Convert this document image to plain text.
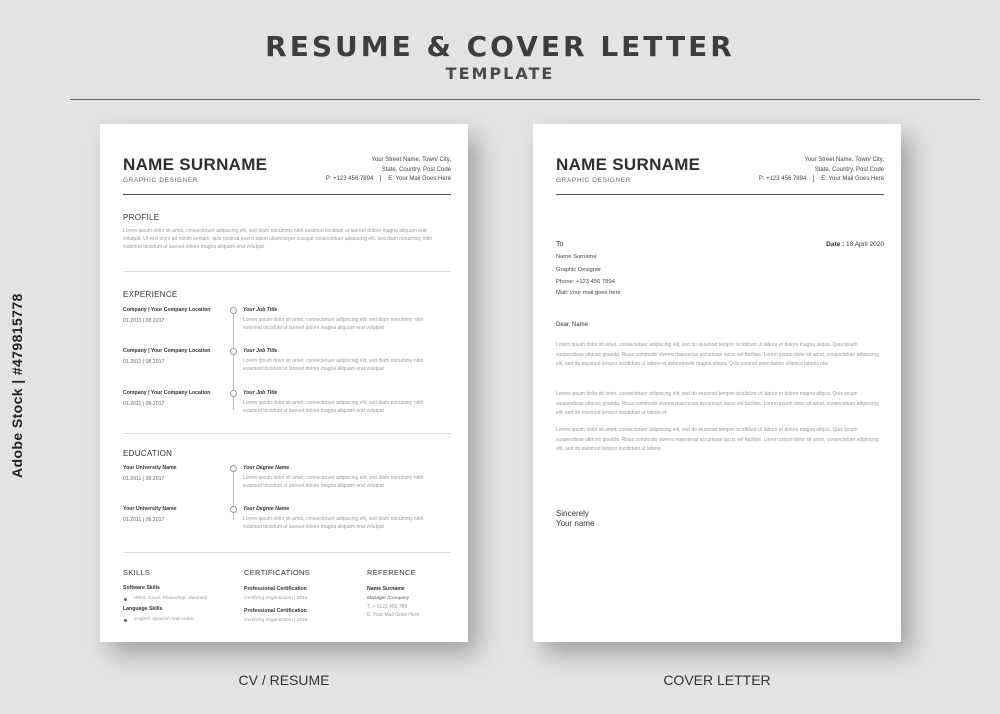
RESUME & COVER LETTER
TEMPLATE
Adobe Stock | #479815778
NAME SURNAME
GRAPHIC DESIGNER
Your Street Name, Town/ City,
State, Country, Post Code
P: +123 456 7894	E: Your Mail Goes Here
PROFILE
Lorem ipsum dolor sit amet, consectetuer adipiscing elit, sed diam nonummy nibh euismod tincidunt ut laoreet dolore magna aliquam erat volutpat. Ut wisi enim ad minim veniam, quis nostrud exerci tation ullamcorper suscipit consectetuer adipiscing elit, sed diam nonummy nibh euismod tincidunt ut laoreet dolore magna aliquam erat volutpat.
EXPERIENCE
Company | Your Company Location
01.2011 | 08.2017
Your Job Title
Lorem ipsum dolor sit amet, consectetuer adipiscing elit, sed diam nonummy nibh euismod tincidunt ut laoreet dolore magna aliquam erat volutpat
Company | Your Company Location
01.2011 | 08.2017
Your Job Title
Lorem ipsum dolor sit amet, consectetuer adipiscing elit, sed diam nonummy nibh euismod tincidunt ut laoreet dolore magna aliquam erat volutpat
Company | Your Company Location
01.2011 | 08.2017
Your Job Title
Lorem ipsum dolor sit amet, consectetuer adipiscing elit, sed diam nonummy nibh euismod tincidunt ut laoreet dolore magna aliquam erat volutpat
EDUCATION
Your University Name
01.2011 | 08.2017
Your Degree Name
Lorem ipsum dolor sit amet, consectetuer adipiscing elit, sed diam nonummy nibh euismod tincidunt ut laoreet dolore magna aliquam erat volutpat
Your University Name
01.2011 | 08.2017
Your Degree Name
Lorem ipsum dolor sit amet, consectetuer adipiscing elit, sed diam nonummy nibh euismod tincidunt ut laoreet dolore magna aliquam erat volutpat
SKILLS
Software Skills
Word, Excel, Photoshop, Illustrator
Language Skills
English, Spanish And Arabic
CERTIFICATIONS
Professional Certification
Certifying Organization | 2016
Professional Certification
Certifying Organization | 2016
REFERENCE
Name Surname
Manager /Company
T. + 0123 456 789
E. Your Mail Goes Here
NAME SURNAME
GRAPHIC DESIGNER
Your Street Name, Town/ City,
State, Country, Post Code
P: +123 456 7894	E: Your Mail Goes Here
To	Date : 18 April 2020
Name Surname
Graphic Designer
Phone: +123 456 7894
Mail: your mail goes here
Dear, Name
Lorem ipsum dolor sit amet, consectetuer adipiscing elit, sed do eiusmod tempor incididunt ut labore et dolore magna aliqua. Quis ipsum suspendisse ultrices gravida. Risus commodo viverra maecenas accumsan lacus vel facilisis. Lorem ipsum dolor sit amet, consectetuer adipiscing elit, sed do eiusmod tempor incididunt ut labore et doloremvelit magna aliqua. Quis nostrud exercitation ullamco laboris nisi
Lorem ipsum dolor sit amet, consectetuer adipiscing elit, sed do eiusmod tempor incididunt ut labore et dolore magna aliqua. Quis ipsum suspendisse ultrices gravida. Risus commodo viverra maecenas accumsan lacus vel facilisis. Lorem ipsum dolor sit amet, consectetuer adipiscing elit, sed do eiusmod tempor incididunt ut labore et
Lorem ipsum dolor sit amet, consectetuer adipiscing elit, sed do eiusmod tempor incididunt ut labore et dolore magna aliqua. Quis ipsum suspendisse ultrices gravida. Risus commodo viverra maecenas accumsan lacus vel facilisis. Lorem ipsum dolor sit amet, consectetuer adipiscing elit, sed do eiusmod tempor incididunt ut labore
Sincerely
Your name
CV / RESUME	COVER LETTER
